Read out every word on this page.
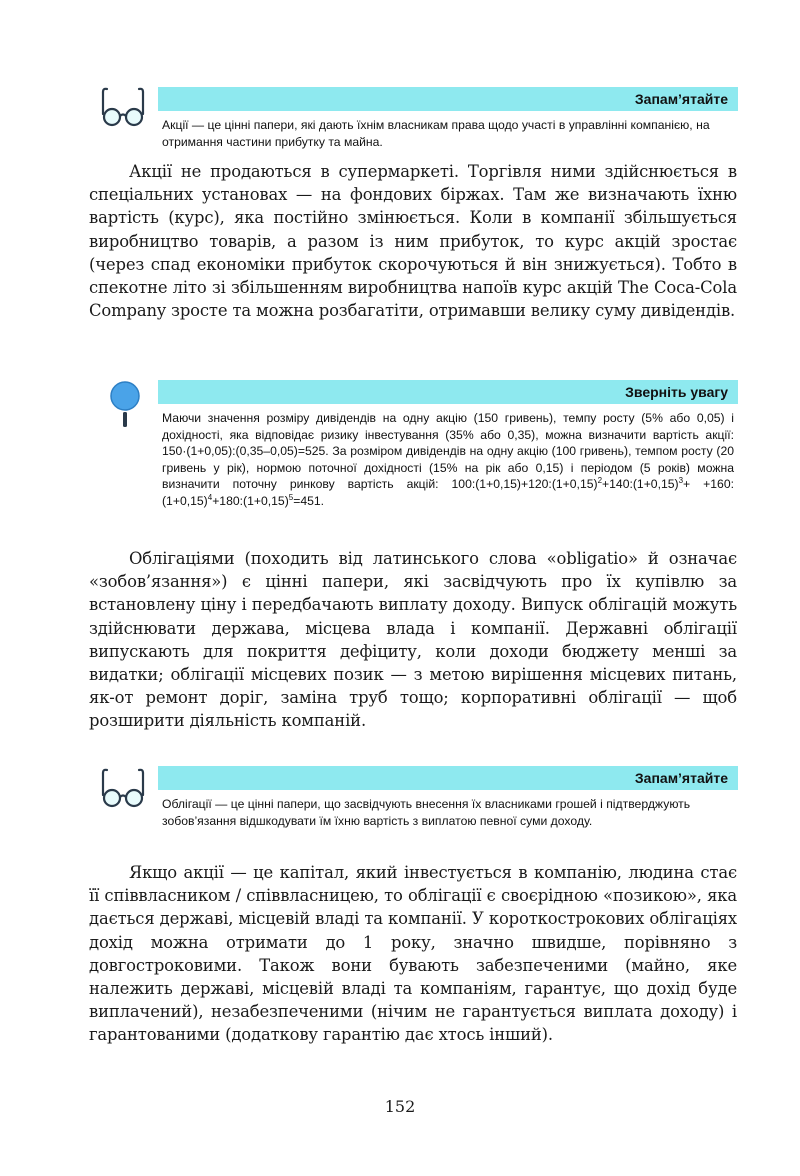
Запам’ятайте
Акції — це цінні папери, які дають їхнім власникам права щодо участі в управлінні компанією, на отримання частини прибутку та майна.
Акції не продаються в супермаркеті. Торгівля ними здійснюється в спеціальних установах — на фондових біржах. Там же визначають їхню вартість (курс), яка постійно змінюється. Коли в компанії збільшується виробництво товарів, а разом із ним прибуток, то курс акцій зростає (через спад економіки прибуток скорочуються й він знижується). Тобто в спекотне літо зі збільшенням виробництва напоїв курс акцій The Coca-Cola Company зросте та можна розбагатіти, отримавши велику суму дивідендів.
Зверніть увагу
Маючи значення розміру дивідендів на одну акцію (150 гривень), темпу росту (5% або 0,05) і дохідності, яка відповідає ризику інвестування (35% або 0,35), можна визначити вартість акції: 150·(1+0,05):(0,35–0,05)=525. За розміром дивідендів на одну акцію (100 гривень), темпом росту (20 гривень у рік), нормою поточної дохідності (15% на рік або 0,15) і періодом (5 років) можна визначити поточну ринкову вартість акцій: $100:(1+0,15)+120:(1+0,15)^2+140:(1+0,15)^3+$ $+160:(1+0,15)^4+180:(1+0,15)^5=451$.
Облігаціями (походить від латинського слова «obligatio» й означає «зобов’язання») є цінні папери, які засвідчують про їх купівлю за встановлену ціну і передбачають виплату доходу. Випуск облігацій можуть здійснювати держава, місцева влада і компанії. Державні облігації випускають для покриття дефіциту, коли доходи бюджету менші за видатки; облігації місцевих позик — з метою вирішення місцевих питань, як-от ремонт доріг, заміна труб тощо; корпоративні облігації — щоб розширити діяльність компаній.
Запам’ятайте
Облігації — це цінні папери, що засвідчують внесення їх власниками грошей і підтверджують зобов’язання відшкодувати їм їхню вартість з виплатою певної суми доходу.
Якщо акції — це капітал, який інвестується в компанію, людина стає її співвласником / співвласницею, то облігації є своєрідною «позикою», яка дається державі, місцевій владі та компанії. У короткострокових облігаціях дохід можна отримати до 1 року, значно швидше, порівняно з довгостроковими. Також вони бувають забезпеченими (майно, яке належить державі, місцевій владі та компаніям, гарантує, що дохід буде виплачений), незабезпеченими (нічим не гарантується виплата доходу) і гарантованими (додаткову гарантію дає хтось інший).
152
